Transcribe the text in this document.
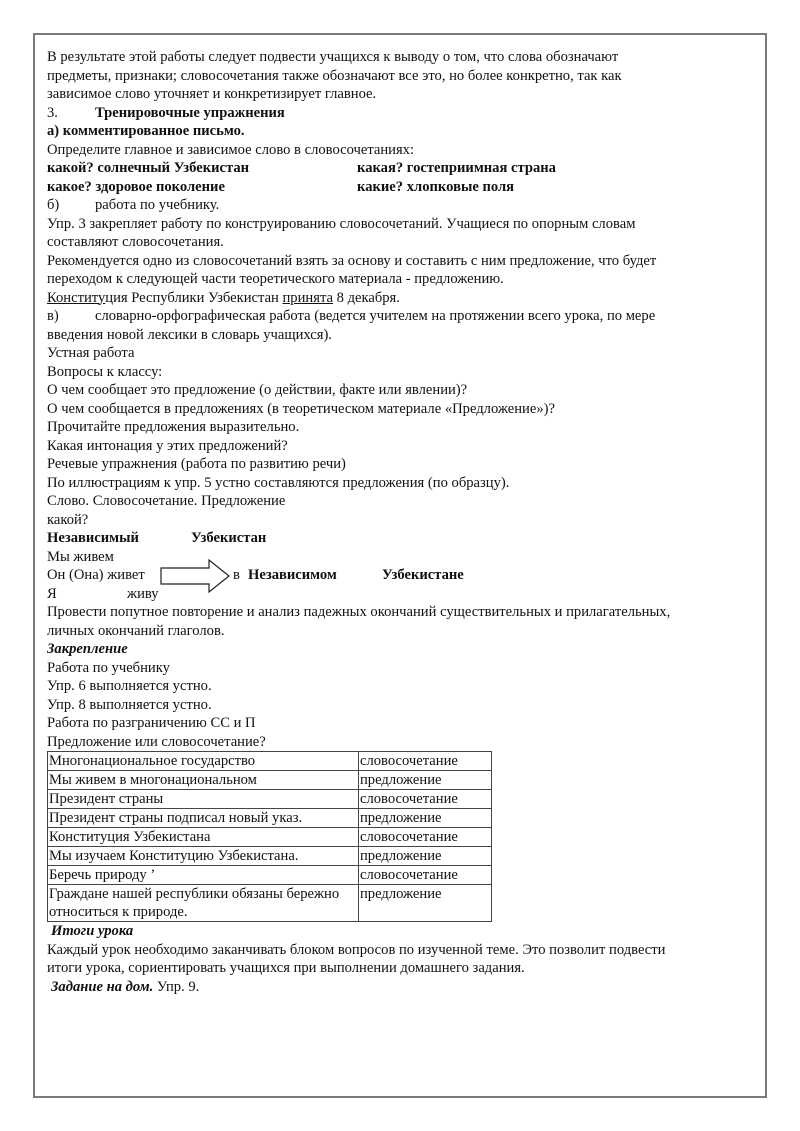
В результате этой работы следует подвести учащихся к выводу о том, что слова обозначают

предметы, признаки; словосочетания также обозначают все это, но более конкретно, так как

зависимое слово уточняет и конкретизирует главное.

3.	Тренировочные упражнения

а) комментированное письмо.

Определите главное и зависимое слово в словосочетаниях:

какой? солнечный Узбекистан	какая? гостеприимная страна
какое? здоровое поколение	какие? хлопковые поля

б) работа по учебнику.

Упр. 3 закрепляет работу по конструированию словосочетаний. Учащиеся по опорным словам

составляют словосочетания.

Рекомендуется одно из словосочетаний взять за основу и составить с ним предложение, что будет

переходом к следующей части теоретического материала - предложению.

Конституция Республики Узбекистан принята 8 декабря.

в) словарно-орфографическая работа (ведется учителем на протяжении всего урока, по мере

введения новой лексики в словарь учащихся).

Устная работа

Вопросы к классу:

О чем сообщает это предложение (о действии, факте или явлении)?

О чем сообщается в предложениях (в теоретическом материале «Предложение»)?

Прочитайте предложения выразительно.

Какая интонация у этих предложений?

Речевые упражнения (работа по развитию речи)

По иллюстрациям к упр. 5 устно составляются предложения (по образцу).

Слово. Словосочетание. Предложение

какой?

Независимый	Узбекистан
Мы живем
Он (Она) живет	в Независимом	Узбекистане
Я	живу

Провести попутное повторение и анализ падежных окончаний существительных и прилагательных,

личных окончаний глаголов.

Закрепление

Работа по учебнику

Упр. 6 выполняется устно.

Упр. 8 выполняется устно.

Работа по разграничению СС и П

Предложение или словосочетание?

Многонациональное государство	словосочетание
Мы живем в многонациональном	предложение
Президент страны	словосочетание
Президент страны подписал новый указ.	предложение
Конституция Узбекистана	словосочетание
Мы изучаем Конституцию Узбекистана.	предложение
Беречь природу ’	словосочетание
Граждане нашей республики обязаны бережно относиться к природе.	предложение

Итоги урока

Каждый урок необходимо заканчивать блоком вопросов по изученной теме. Это позволит подвести

итоги урока, сориентировать учащихся при выполнении домашнего задания.

Задание на дом. Упр. 9.
